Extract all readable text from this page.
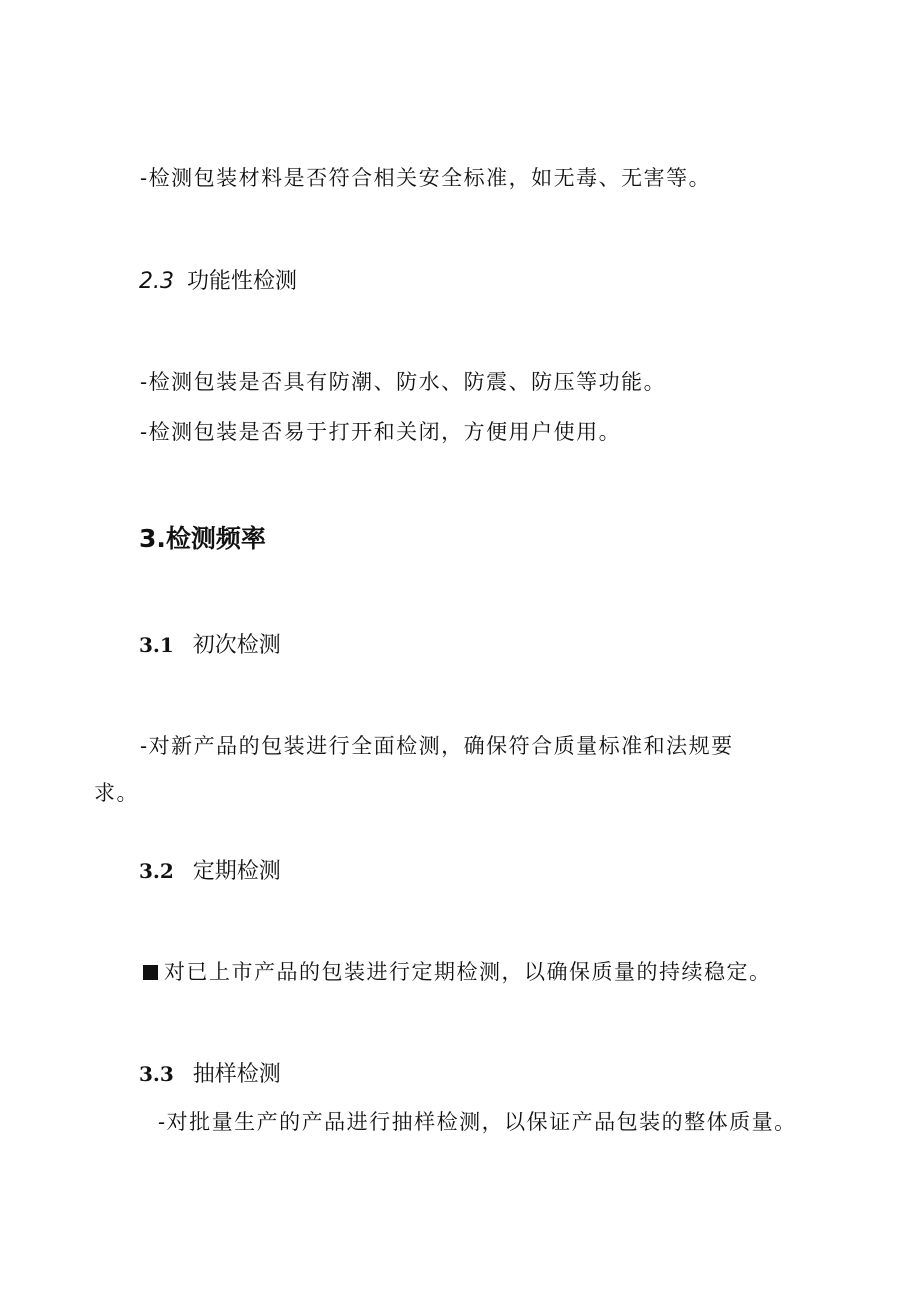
-检测包装材料是否符合相关安全标准，如无毒、无害等。
2.3 功能性检测
-检测包装是否具有防潮、防水、防震、防压等功能。
-检测包装是否易于打开和关闭，方便用户使用。
3.检测频率
3.1 初次检测
-对新产品的包装进行全面检测，确保符合质量标准和法规要
求。
3.2 定期检测
对已上市产品的包装进行定期检测，以确保质量的持续稳定。
3.3 抽样检测
-对批量生产的产品进行抽样检测，以保证产品包装的整体质量。
